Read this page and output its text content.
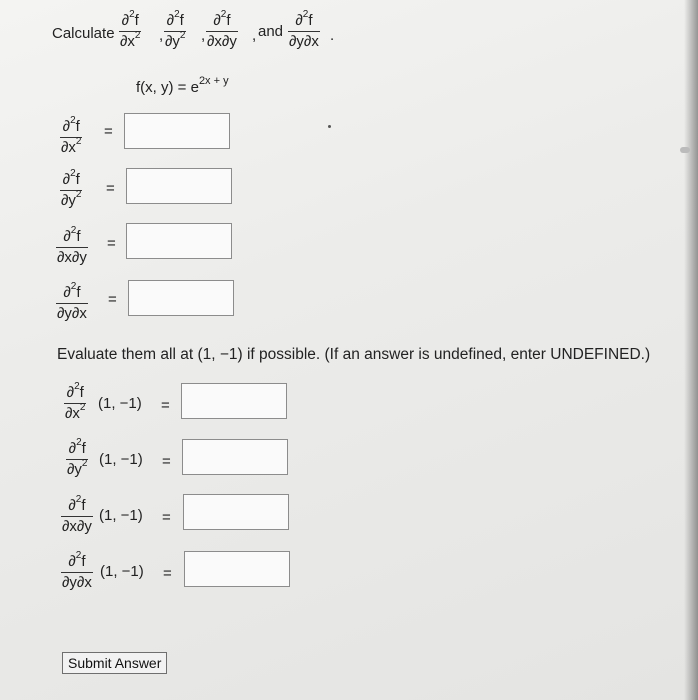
Calculate $\frac{\partial^2f}{\partial x^2}$ , $\frac{\partial^2f}{\partial y^2}$ , $\frac{\partial^2f}{\partial x\partial y}$ , and $\frac{\partial^2f}{\partial y\partial x}$ .
f(x, $y) = e^{2x + y}$
$\frac{\partial^2f}{\partial x^2}$ =
$\frac{\partial^2f}{\partial y^2}$ =
$\frac{\partial^2f}{\partial x\partial y}$ =
$\frac{\partial^2f}{\partial y\partial x}$ =
Evaluate them all at (1, −1) if possible. (If an answer is undefined, enter UNDEFINED.)
$\frac{\partial^2f}{\partial x^2} (1$, −1) =
$\frac{\partial^2f}{\partial y^2} (1$, −1) =
$\frac{\partial^2f}{\partial x\partial y} (1$, −1) =
$\frac{\partial^2f}{\partial y\partial x} (1$, −1) =
Submit Answer
